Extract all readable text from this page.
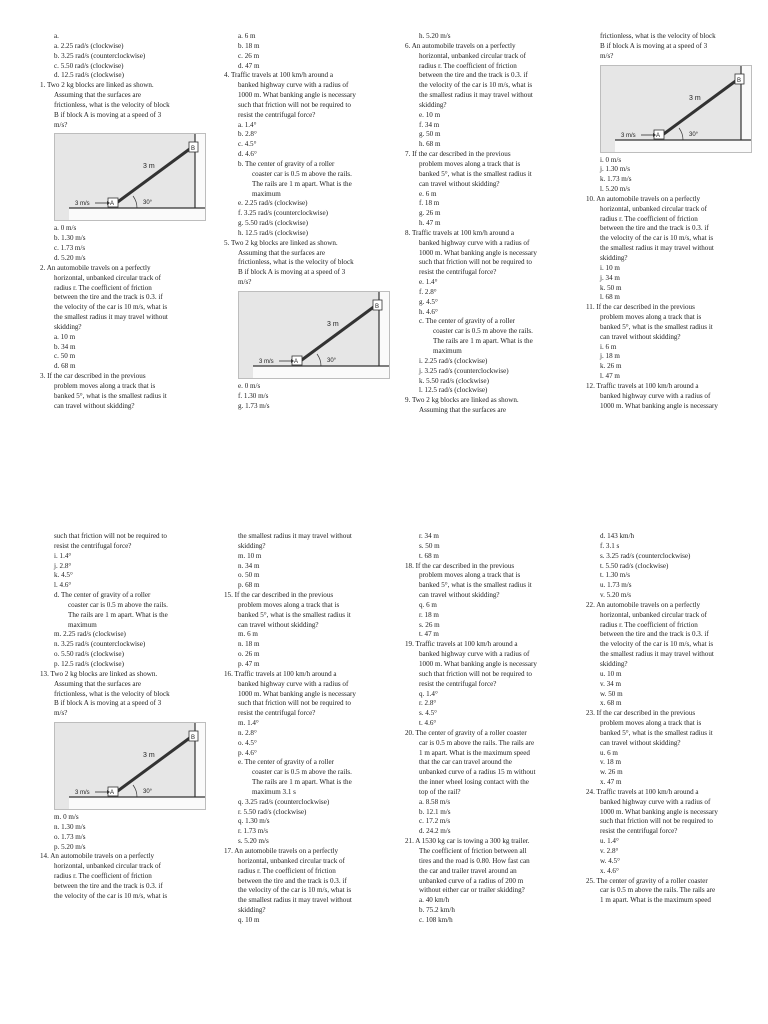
a.
a. 2.25 rad/s (clockwise)
b. 3.25 rad/s (counterclockwise)
c. 5.50 rad/s (clockwise)
d. 12.5 rad/s (clockwise)
1. Two 2 kg blocks are linked as shown.
Assuming that the surfaces are
frictionless, what is the velocity of block
B if block A is moving at a speed of 3
m/s?
3 m
3 m/s	30°
A
B
a. 0 m/s
b. 1.30 m/s
c. 1.73 m/s
d. 5.20 m/s
2. An automobile travels on a perfectly
horizontal, unbanked circular track of
radius r. The coefficient of friction
between the tire and the track is 0.3. if
the velocity of the car is 10 m/s, what is
the smallest radius it may travel without
skidding?
a. 10 m
b. 34 m
c. 50 m
d. 68 m
3. If the car described in the previous
problem moves along a track that is
banked 5°, what is the smallest radius it
can travel without skidding?
such that friction will not be required to
resist the centrifugal force?
i. 1.4°
j. 2.8°
k. 4.5°
l. 4.6°
d. The center of gravity of a roller
coaster car is 0.5 m above the rails.
The rails are 1 m apart. What is the
maximum
m. 2.25 rad/s (clockwise)
n. 3.25 rad/s (counterclockwise)
o. 5.50 rad/s (clockwise)
p. 12.5 rad/s (clockwise)
13. Two 2 kg blocks are linked as shown.
Assuming that the surfaces are
frictionless, what is the velocity of block
B if block A is moving at a speed of 3
m/s?
3 m
3 m/s	30°
A
B
m. 0 m/s
n. 1.30 m/s
o. 1.73 m/s
p. 5.20 m/s
14. An automobile travels on a perfectly
horizontal, unbanked circular track of
radius r. The coefficient of friction
between the tire and the track is 0.3. if
the velocity of the car is 10 m/s, what is
a. 6 m
b. 18 m
c. 26 m
d. 47 m
4. Traffic travels at 100 km/h around a
banked highway curve with a radius of
1000 m. What banking angle is necessary
such that friction will not be required to
resist the centrifugal force?
a. 1.4°
b. 2.8°
c. 4.5°
d. 4.6°
b. The center of gravity of a roller
coaster car is 0.5 m above the rails.
The rails are 1 m apart. What is the
maximum
e. 2.25 rad/s (clockwise)
f. 3.25 rad/s (counterclockwise)
g. 5.50 rad/s (clockwise)
h. 12.5 rad/s (clockwise)
5. Two 2 kg blocks are linked as shown.
Assuming that the surfaces are
frictionless, what is the velocity of block
B if block A is moving at a speed of 3
m/s?
3 m
3 m/s	30°
A
B
e. 0 m/s
f. 1.30 m/s
g. 1.73 m/s
the smallest radius it may travel without
skidding?
m. 10 m
n. 34 m
o. 50 m
p. 68 m
15. If the car described in the previous
problem moves along a track that is
banked 5°, what is the smallest radius it
can travel without skidding?
m. 6 m
n. 18 m
o. 26 m
p. 47 m
16. Traffic travels at 100 km/h around a
banked highway curve with a radius of
1000 m. What banking angle is necessary
such that friction will not be required to
resist the centrifugal force?
m. 1.4°
n. 2.8°
o. 4.5°
p. 4.6°
e. The center of gravity of a roller
coaster car is 0.5 m above the rails.
The rails are 1 m apart. What is the
maximum 3.1 s
q. 3.25 rad/s (counterclockwise)
r. 5.50 rad/s (clockwise)
q. 1.30 m/s
r. 1.73 m/s
s. 5.20 m/s
17. An automobile travels on a perfectly
horizontal, unbanked circular track of
radius r. The coefficient of friction
between the tire and the track is 0.3. if
the velocity of the car is 10 m/s, what is
the smallest radius it may travel without
skidding?
q. 10 m
h. 5.20 m/s
6. An automobile travels on a perfectly
horizontal, unbanked circular track of
radius r. The coefficient of friction
between the tire and the track is 0.3. if
the velocity of the car is 10 m/s, what is
the smallest radius it may travel without
skidding?
e. 10 m
f. 34 m
g. 50 m
h. 68 m
7. If the car described in the previous
problem moves along a track that is
banked 5°, what is the smallest radius it
can travel without skidding?
e. 6 m
f. 18 m
g. 26 m
h. 47 m
8. Traffic travels at 100 km/h around a
banked highway curve with a radius of
1000 m. What banking angle is necessary
such that friction will not be required to
resist the centrifugal force?
e. 1.4°
f. 2.8°
g. 4.5°
h. 4.6°
c. The center of gravity of a roller
coaster car is 0.5 m above the rails.
The rails are 1 m apart. What is the
maximum
i. 2.25 rad/s (clockwise)
j. 3.25 rad/s (counterclockwise)
k. 5.50 rad/s (clockwise)
l. 12.5 rad/s (clockwise)
9. Two 2 kg blocks are linked as shown.
Assuming that the surfaces are
r. 34 m
s. 50 m
t. 68 m
18. If the car described in the previous
problem moves along a track that is
banked 5°, what is the smallest radius it
can travel without skidding?
q. 6 m
r. 18 m
s. 26 m
t. 47 m
19. Traffic travels at 100 km/h around a
banked highway curve with a radius of
1000 m. What banking angle is necessary
such that friction will not be required to
resist the centrifugal force?
q. 1.4°
r. 2.8°
s. 4.5°
t. 4.6°
20. The center of gravity of a roller coaster
car is 0.5 m above the rails. The rails are
1 m apart. What is the maximum speed
that the car can travel around the
unbanked curve of a radius 15 m without
the inner wheel losing contact with the
top of the rail?
a. 8.58 m/s
b. 12.1 m/s
c. 17.2 m/s
d. 24.2 m/s
21. A 1530 kg car is towing a 300 kg trailer.
The coefficient of friction between all
tires and the road is 0.80. How fast can
the car and trailer travel around an
unbanked curve of a radius of 200 m
without either car or trailer skidding?
a. 40 km/h
b. 75.2 km/h
c. 108 km/h
frictionless, what is the velocity of block
B if block A is moving at a speed of 3
m/s?
3 m
3 m/s	30°
A
B
i. 0 m/s
j. 1.30 m/s
k. 1.73 m/s
l. 5.20 m/s
10. An automobile travels on a perfectly
horizontal, unbanked circular track of
radius r. The coefficient of friction
between the tire and the track is 0.3. if
the velocity of the car is 10 m/s, what is
the smallest radius it may travel without
skidding?
i. 10 m
j. 34 m
k. 50 m
l. 68 m
11. If the car described in the previous
problem moves along a track that is
banked 5°, what is the smallest radius it
can travel without skidding?
i. 6 m
j. 18 m
k. 26 m
l. 47 m
12. Traffic travels at 100 km/h around a
banked highway curve with a radius of
1000 m. What banking angle is necessary
d. 143 km/h
f. 3.1 s
s. 3.25 rad/s (counterclockwise)
t. 5.50 rad/s (clockwise)
t. 1.30 m/s
u. 1.73 m/s
v. 5.20 m/s
22. An automobile travels on a perfectly
horizontal, unbanked circular track of
radius r. The coefficient of friction
between the tire and the track is 0.3. if
the velocity of the car is 10 m/s, what is
the smallest radius it may travel without
skidding?
u. 10 m
v. 34 m
w. 50 m
x. 68 m
23. If the car described in the previous
problem moves along a track that is
banked 5°, what is the smallest radius it
can travel without skidding?
u. 6 m
v. 18 m
w. 26 m
x. 47 m
24. Traffic travels at 100 km/h around a
banked highway curve with a radius of
1000 m. What banking angle is necessary
such that friction will not be required to
resist the centrifugal force?
u. 1.4°
v. 2.8°
w. 4.5°
x. 4.6°
25. The center of gravity of a roller coaster
car is 0.5 m above the rails. The rails are
1 m apart. What is the maximum speed
